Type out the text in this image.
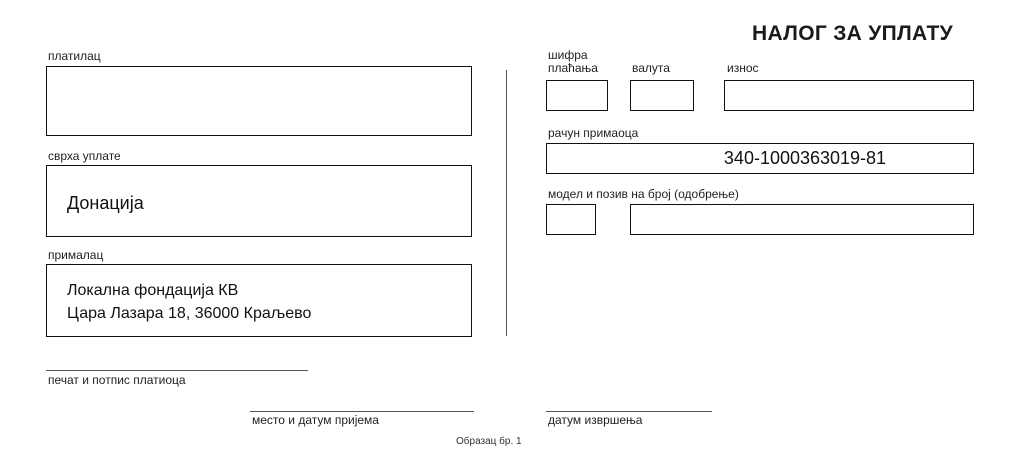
НАЛОГ ЗА УПЛАТУ
платилац
сврха уплате
Донација
прималац
Локална фондација КВ
Цара Лазара 18, 36000 Краљево
печат и потпис платиоца
шифра
плаћања	валута	износ
рачун примаоца
340-1000363019-81
модел и позив на број (одобрење)
место и датум пријема	датум извршења
Образац бр. 1
